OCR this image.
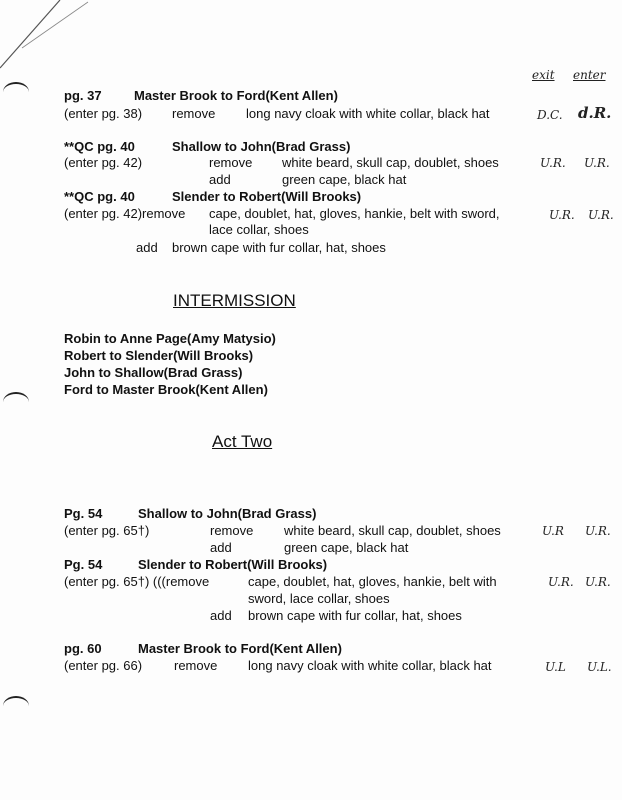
exit enter
pg. 37 Master Brook to Ford(Kent Allen)
(enter pg. 38) remove long navy cloak with white collar, black hat	D.C. d.R.
**QC pg. 40	Shallow to John(Brad Grass)
(enter pg. 42)	remove white beard, skull cap, doublet, shoes	U.R. U.R.
add	green cape, black hat
**QC pg. 40	Slender to Robert(Will Brooks)
(enter pg. 42)remove cape, doublet, hat, gloves, hankie, belt with sword,	U.R. U.R.
lace collar, shoes
add brown cape with fur collar, hat, shoes
INTERMISSION
Robin to Anne Page(Amy Matysio)
Robert to Slender(Will Brooks)
John to Shallow(Brad Grass)
Ford to Master Brook(Kent Allen)
Act Two
Pg. 54	Shallow to John(Brad Grass)
(enter pg. 65†)	remove white beard, skull cap, doublet, shoes	U.R U.R.
add	green cape, black hat
Pg. 54	Slender to Robert(Will Brooks)
(enter pg. 65†) (((remove	cape, doublet, hat, gloves, hankie, belt with	U.R. U.R.
sword, lace collar, shoes
add brown cape with fur collar, hat, shoes
pg. 60	Master Brook to Ford(Kent Allen)
(enter pg. 66) remove long navy cloak with white collar, black hat	U.L U.L.
